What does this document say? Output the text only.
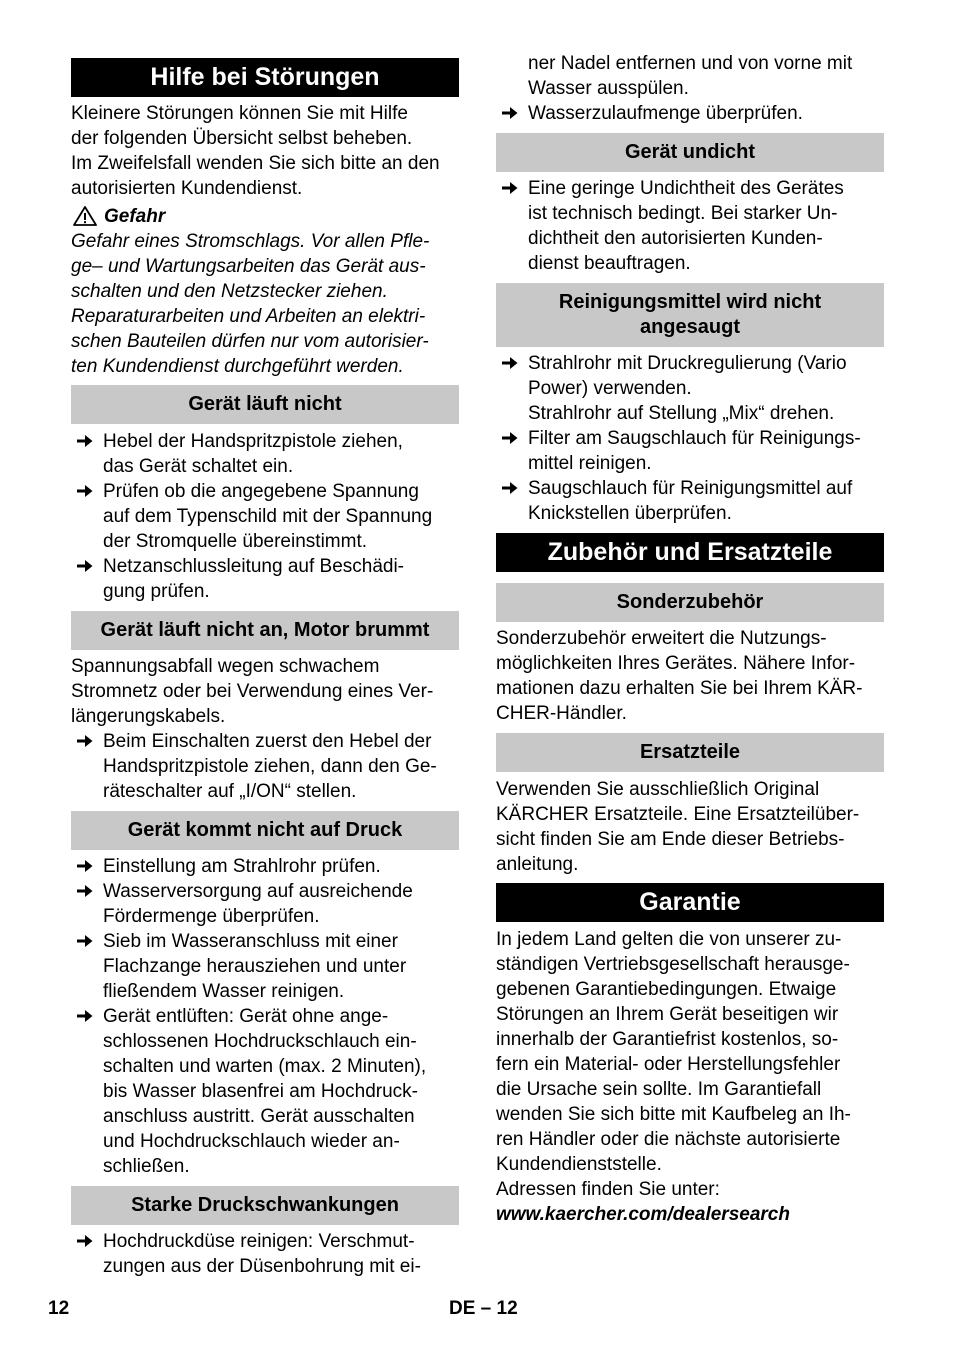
Hilfe bei Störungen
Kleinere Störungen können Sie mit Hilfe
der folgenden Übersicht selbst beheben.
Im Zweifelsfall wenden Sie sich bitte an den
autorisierten Kundendienst.
Gefahr
Gefahr eines Stromschlags. Vor allen Pfle-
ge– und Wartungsarbeiten das Gerät aus-
schalten und den Netzstecker ziehen.
Reparaturarbeiten und Arbeiten an elektri-
schen Bauteilen dürfen nur vom autorisier-
ten Kundendienst durchgeführt werden.
Gerät läuft nicht
Hebel der Handspritzpistole ziehen,
das Gerät schaltet ein.
Prüfen ob die angegebene Spannung
auf dem Typenschild mit der Spannung
der Stromquelle übereinstimmt.
Netzanschlussleitung auf Beschädi-
gung prüfen.
Gerät läuft nicht an, Motor brummt
Spannungsabfall wegen schwachem
Stromnetz oder bei Verwendung eines Ver-
längerungskabels.
Beim Einschalten zuerst den Hebel der
Handspritzpistole ziehen, dann den Ge-
räteschalter auf „I/ON“ stellen.
Gerät kommt nicht auf Druck
Einstellung am Strahlrohr prüfen.
Wasserversorgung auf ausreichende
Fördermenge überprüfen.
Sieb im Wasseranschluss mit einer
Flachzange herausziehen und unter
fließendem Wasser reinigen.
Gerät entlüften: Gerät ohne ange-
schlossenen Hochdruckschlauch ein-
schalten und warten (max. 2 Minuten),
bis Wasser blasenfrei am Hochdruck-
anschluss austritt. Gerät ausschalten
und Hochdruckschlauch wieder an-
schließen.
Starke Druckschwankungen
Hochdruckdüse reinigen: Verschmut-
zungen aus der Düsenbohrung mit ei-
ner Nadel entfernen und von vorne mit
Wasser ausspülen.
Wasserzulaufmenge überprüfen.
Gerät undicht
Eine geringe Undichtheit des Gerätes
ist technisch bedingt. Bei starker Un-
dichtheit den autorisierten Kunden-
dienst beauftragen.
Reinigungsmittel wird nicht
angesaugt
Strahlrohr mit Druckregulierung (Vario
Power) verwenden.
Strahlrohr auf Stellung „Mix“ drehen.
Filter am Saugschlauch für Reinigungs-
mittel reinigen.
Saugschlauch für Reinigungsmittel auf
Knickstellen überprüfen.
Zubehör und Ersatzteile
Sonderzubehör
Sonderzubehör erweitert die Nutzungs-
möglichkeiten Ihres Gerätes. Nähere Infor-
mationen dazu erhalten Sie bei Ihrem KÄR-
CHER-Händler.
Ersatzteile
Verwenden Sie ausschließlich Original
KÄRCHER Ersatzteile. Eine Ersatzteilüber-
sicht finden Sie am Ende dieser Betriebs-
anleitung.
Garantie
In jedem Land gelten die von unserer zu-
ständigen Vertriebsgesellschaft herausge-
gebenen Garantiebedingungen. Etwaige
Störungen an Ihrem Gerät beseitigen wir
innerhalb der Garantiefrist kostenlos, so-
fern ein Material- oder Herstellungsfehler
die Ursache sein sollte. Im Garantiefall
wenden Sie sich bitte mit Kaufbeleg an Ih-
ren Händler oder die nächste autorisierte
Kundendienststelle.
Adressen finden Sie unter:
www.kaercher.com/dealersearch
12	DE – 12
